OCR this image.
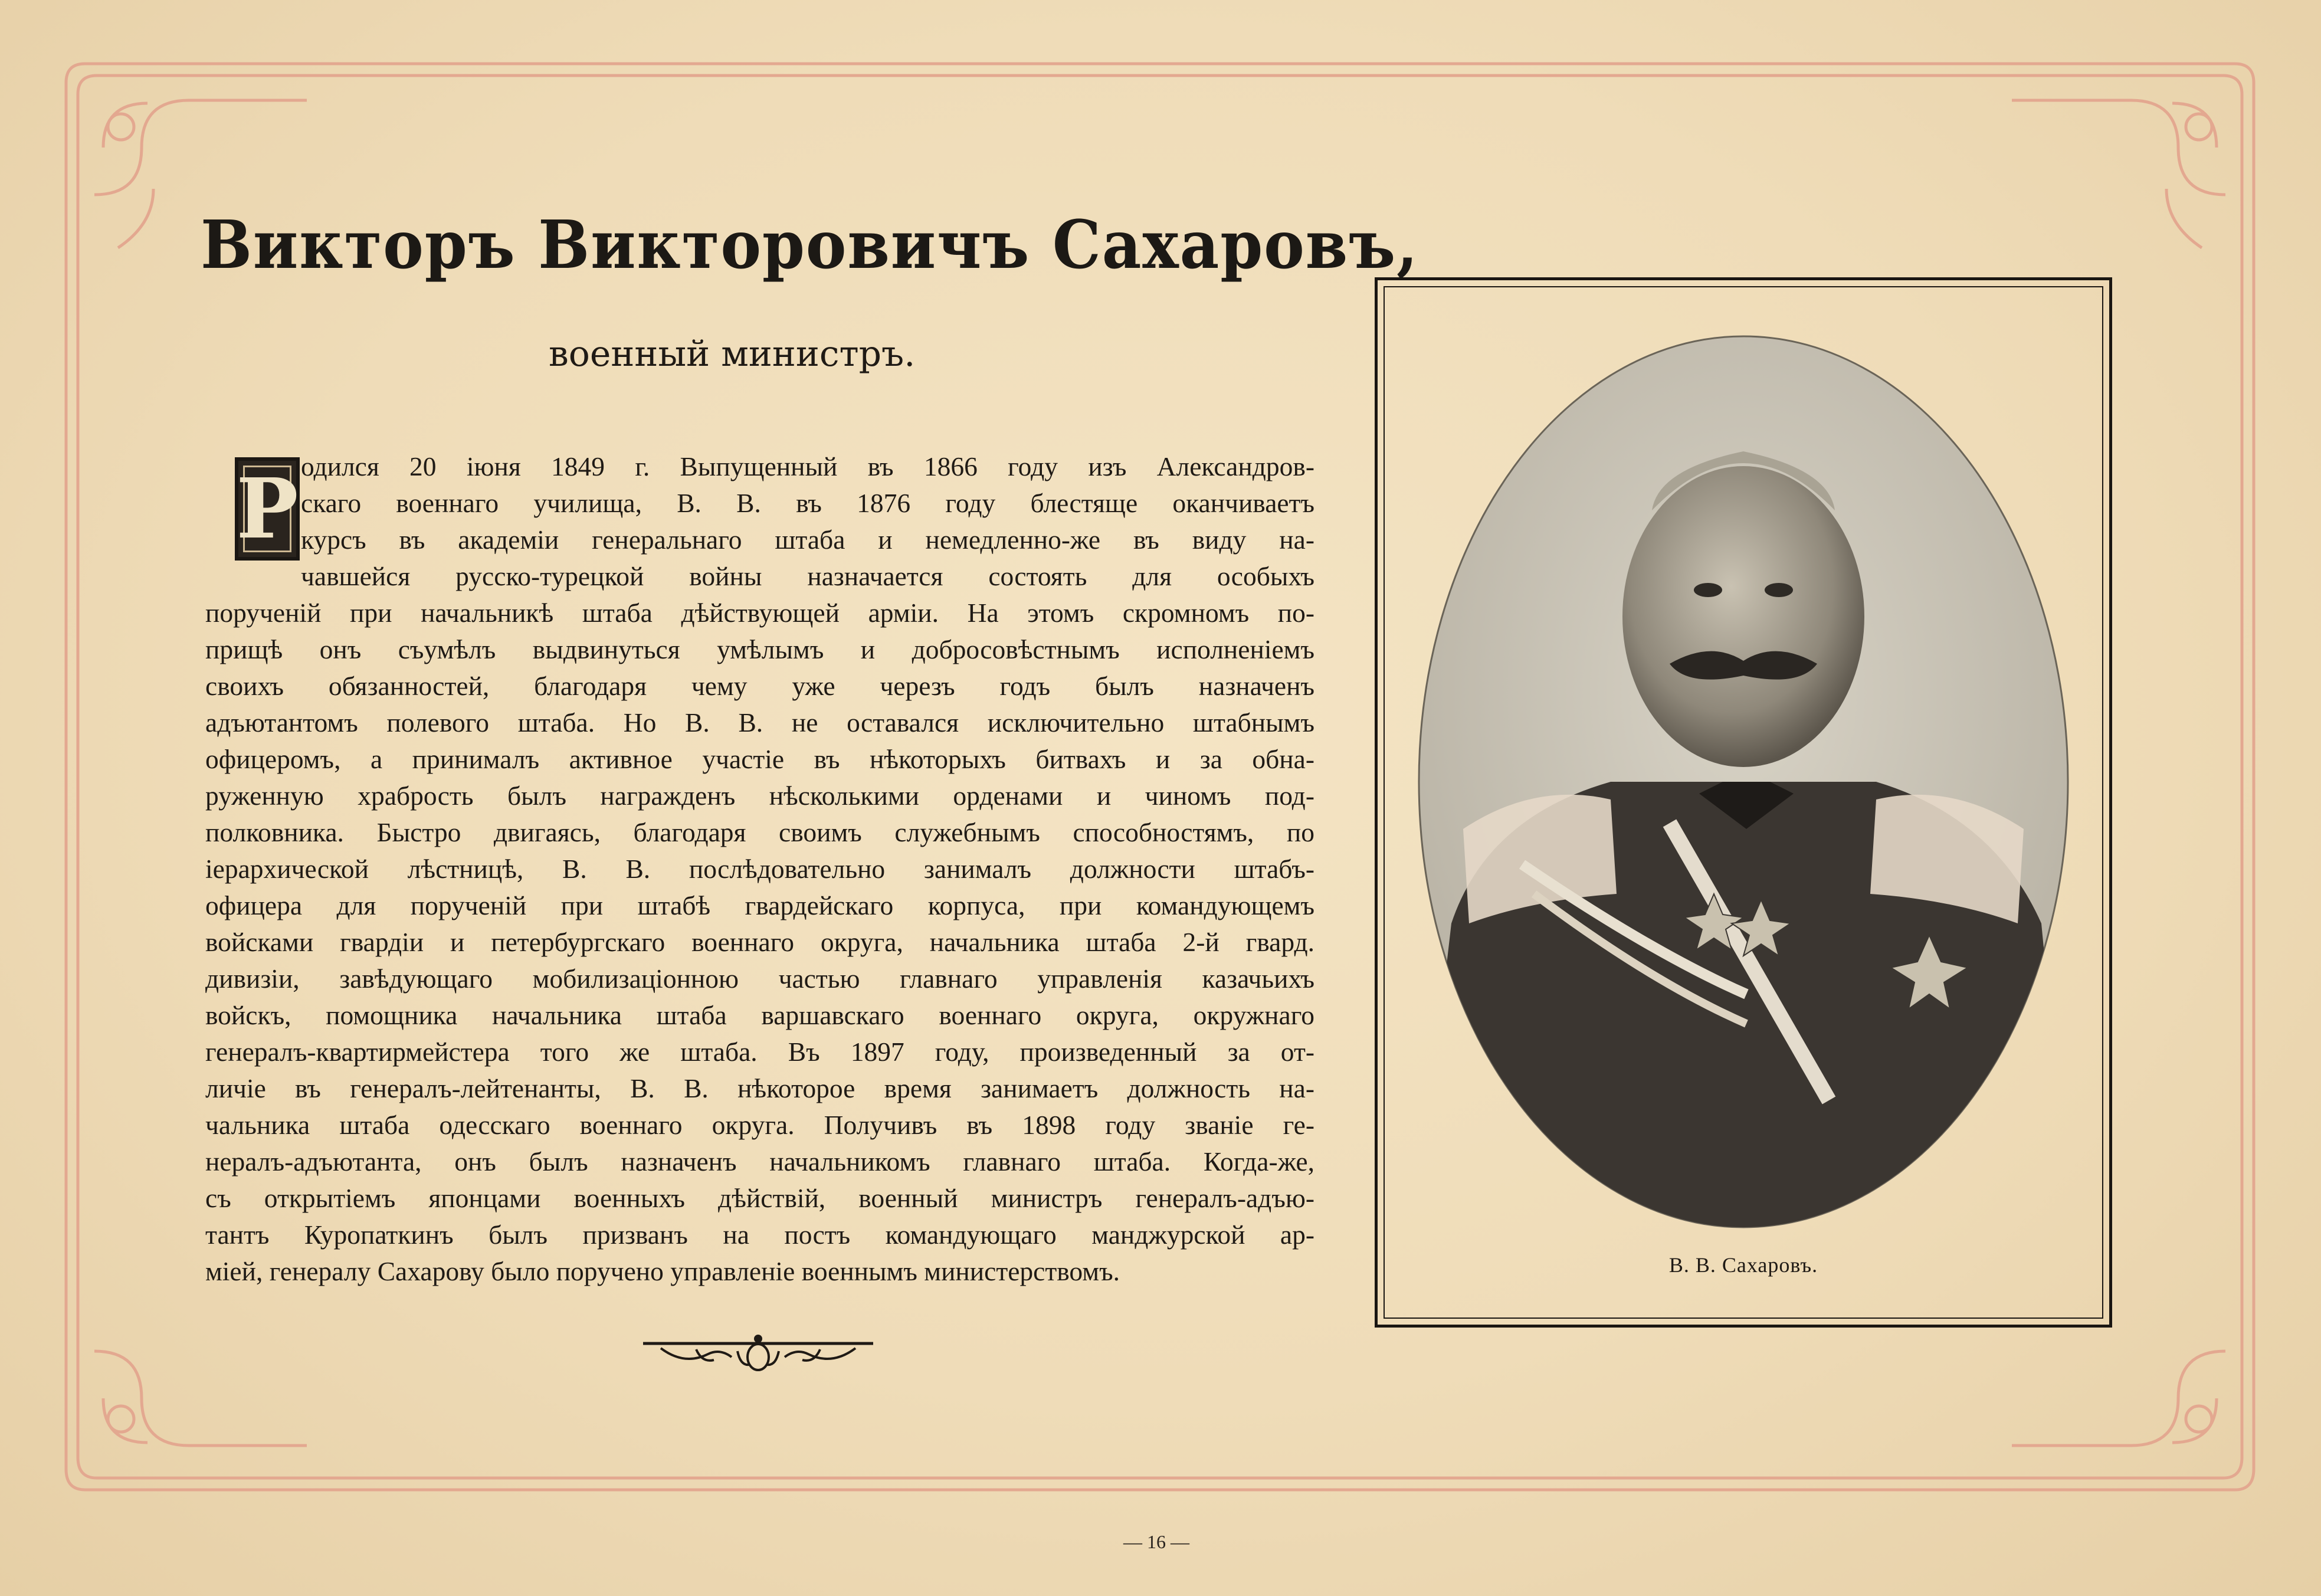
Викторъ Викторовичъ Сахаровъ,
военный министръ.
Р одился 20 іюня 1849 г. Выпущенный въ 1866 году изъ Александров-
скаго военнаго училища, В. В. въ 1876 году блестяще оканчиваетъ
курсъ въ академіи генеральнаго штаба и немедленно-же въ виду на-
чавшейся русско-турецкой войны назначается состоять для особыхъ
порученій при начальникѣ штаба дѣйствующей арміи. На этомъ скромномъ по-
прищѣ онъ съумѣлъ выдвинуться умѣлымъ и добросовѣстнымъ исполненіемъ
своихъ обязанностей, благодаря чему уже черезъ годъ былъ назначенъ
адъютантомъ полевого штаба. Но В. В. не оставался исключительно штабнымъ
офицеромъ, а принималъ активное участіе въ нѣкоторыхъ битвахъ и за обна-
руженную храбрость былъ награжденъ нѣсколькими орденами и чиномъ под-
полковника. Быстро двигаясь, благодаря своимъ служебнымъ способностямъ, по
іерархической лѣстницѣ, В. В. послѣдовательно занималъ должности штабъ-
офицера для порученій при штабѣ гвардейскаго корпуса, при командующемъ
войсками гвардіи и петербургскаго военнаго округа, начальника штаба 2-й гвард.
дивизіи, завѣдующаго мобилизаціонною частью главнаго управленія казачьихъ
войскъ, помощника начальника штаба варшавскаго военнаго округа, окружнаго
генералъ-квартирмейстера того же штаба. Въ 1897 году, произведенный за от-
личіе въ генералъ-лейтенанты, В. В. нѣкоторое время занимаетъ должность на-
чальника штаба одесскаго военнаго округа. Получивъ въ 1898 году званіе ге-
нералъ-адъютанта, онъ былъ назначенъ начальникомъ главнаго штаба. Когда-же,
съ открытіемъ японцами военныхъ дѣйствій, военный министръ генералъ-адъю-
тантъ Куропаткинъ былъ призванъ на постъ командующаго манджурской ар-
міей, генералу Сахарову было поручено управленіе военнымъ министерствомъ.	В. В. Сахаровъ.
— 16 —
